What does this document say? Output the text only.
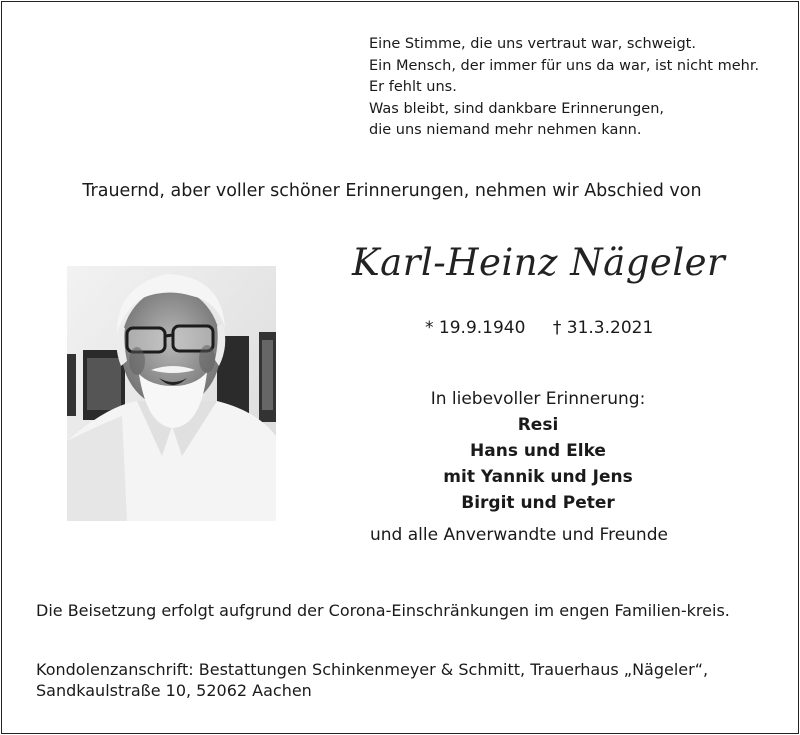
Eine Stimme, die uns vertraut war, schweigt.
Ein Mensch, der immer für uns da war, ist nicht mehr.
Er fehlt uns.
Was bleibt, sind dankbare Erinnerungen,
die uns niemand mehr nehmen kann.
Trauernd, aber voller schöner Erinnerungen, nehmen wir Abschied von
Karl-Heinz Nägeler
* 19.9.1940 † 31.3.2021
In liebevoller Erinnerung:
Resi
Hans und Elke
mit Yannik und Jens
Birgit und Peter
und alle Anverwandte und Freunde
Die Beisetzung erfolgt aufgrund der Corona-Einschränkungen im engen Familien-kreis.
Kondolenzanschrift: Bestattungen Schinkenmeyer & Schmitt, Trauerhaus „Nägeler“,
Sandkaulstraße 10, 52062 Aachen
